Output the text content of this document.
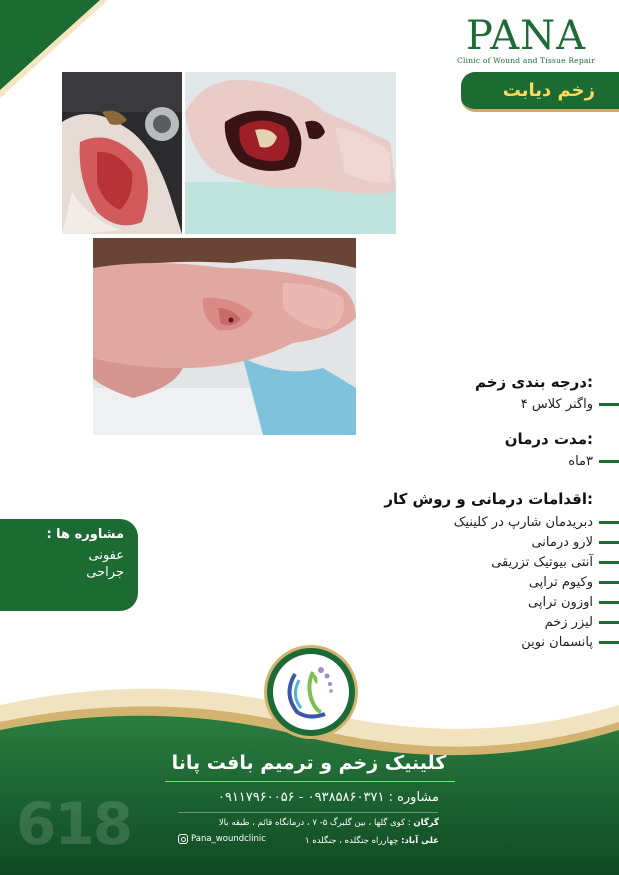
PANA
Clinic of Wound and Tissue Repair
زخم دیابت
درجه بندی زخم:
واگنر کلاس ۴
مدت درمان:
۳ماه
اقدامات درمانی و روش کار:
دبریدمان شارپ در کلینیک
لارو درمانی
آنتی بیوتیک تزریقی
وکیوم تراپی
اوزون تراپی
لیزر زخم
پانسمان نوین
مشاوره ها :
عفونی
جراحی
618
کلینیک زخم و ترمیم بافت پانا
مشاوره : ۰۹۳۸۵۸۶۰۳۷۱ - ۰۹۱۱۷۹۶۰۰۵۶
گرگان : کوی گلها ، بین گلبرگ ۵- ۷ ، درمانگاه قائم ، طبقه بالا
علی آباد: چهارراه جنگلده ، جنگلده ۱
Pana_woundclinic
